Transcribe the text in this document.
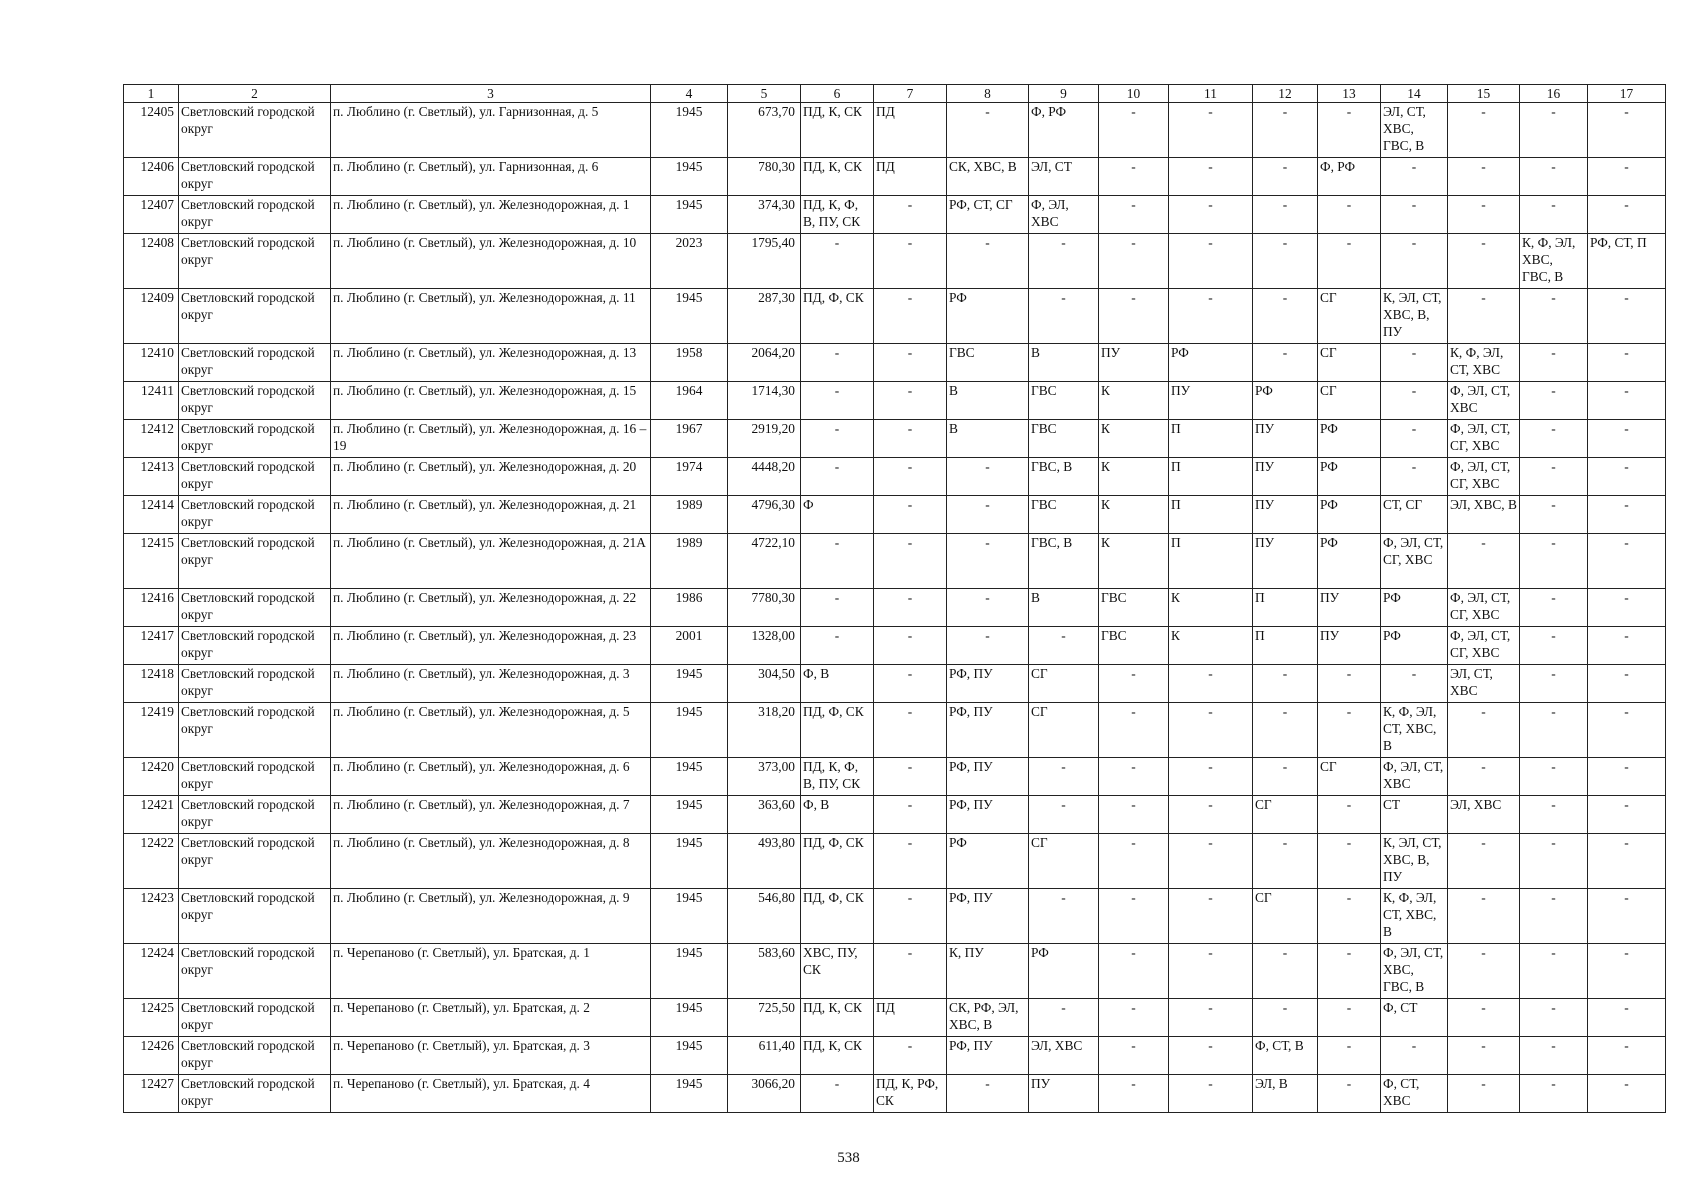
1	2	3	4	5	6	7	8	9	10	11	12	13	14	15	16	17
12405	Светловский городской округ	п. Люблино (г. Светлый), ул. Гарнизонная, д. 5	1945	673,70	ПД, К, СК	ПД	-	Ф, РФ	-	-	-	-	ЭЛ, СТ, ХВС, ГВС, В	-	-	-
12406	Светловский городской округ	п. Люблино (г. Светлый), ул. Гарнизонная, д. 6	1945	780,30	ПД, К, СК	ПД	СК, ХВС, В	ЭЛ, СТ	-	-	-	Ф, РФ	-	-	-	-
12407	Светловский городской округ	п. Люблино (г. Светлый), ул. Железнодорожная, д. 1	1945	374,30	ПД, К, Ф, В, ПУ, СК	-	РФ, СТ, СГ	Ф, ЭЛ, ХВС	-	-	-	-	-	-	-	-
12408	Светловский городской округ	п. Люблино (г. Светлый), ул. Железнодорожная, д. 10	2023	1795,40	-	-	-	-	-	-	-	-	-	-	К, Ф, ЭЛ, ХВС, ГВС, В	РФ, СТ, П
12409	Светловский городской округ	п. Люблино (г. Светлый), ул. Железнодорожная, д. 11	1945	287,30	ПД, Ф, СК	-	РФ	-	-	-	-	СГ	К, ЭЛ, СТ, ХВС, В, ПУ	-	-	-
12410	Светловский городской округ	п. Люблино (г. Светлый), ул. Железнодорожная, д. 13	1958	2064,20	-	-	ГВС	В	ПУ	РФ	-	СГ	-	К, Ф, ЭЛ, СТ, ХВС	-	-
12411	Светловский городской округ	п. Люблино (г. Светлый), ул. Железнодорожная, д. 15	1964	1714,30	-	-	В	ГВС	К	ПУ	РФ	СГ	-	Ф, ЭЛ, СТ, ХВС	-	-
12412	Светловский городской округ	п. Люблино (г. Светлый), ул. Железнодорожная, д. 16 – 19	1967	2919,20	-	-	В	ГВС	К	П	ПУ	РФ	-	Ф, ЭЛ, СТ, СГ, ХВС	-	-
12413	Светловский городской округ	п. Люблино (г. Светлый), ул. Железнодорожная, д. 20	1974	4448,20	-	-	-	ГВС, В	К	П	ПУ	РФ	-	Ф, ЭЛ, СТ, СГ, ХВС	-	-
12414	Светловский городской округ	п. Люблино (г. Светлый), ул. Железнодорожная, д. 21	1989	4796,30	Ф	-	-	ГВС	К	П	ПУ	РФ	СТ, СГ	ЭЛ, ХВС, В	-	-
12415	Светловский городской округ	п. Люблино (г. Светлый), ул. Железнодорожная, д. 21А	1989	4722,10	-	-	-	ГВС, В	К	П	ПУ	РФ	Ф, ЭЛ, СТ, СГ, ХВС	-	-	-
12416	Светловский городской округ	п. Люблино (г. Светлый), ул. Железнодорожная, д. 22	1986	7780,30	-	-	-	В	ГВС	К	П	ПУ	РФ	Ф, ЭЛ, СТ, СГ, ХВС	-	-
12417	Светловский городской округ	п. Люблино (г. Светлый), ул. Железнодорожная, д. 23	2001	1328,00	-	-	-	-	ГВС	К	П	ПУ	РФ	Ф, ЭЛ, СТ, СГ, ХВС	-	-
12418	Светловский городской округ	п. Люблино (г. Светлый), ул. Железнодорожная, д. 3	1945	304,50	Ф, В	-	РФ, ПУ	СГ	-	-	-	-	-	ЭЛ, СТ, ХВС	-	-
12419	Светловский городской округ	п. Люблино (г. Светлый), ул. Железнодорожная, д. 5	1945	318,20	ПД, Ф, СК	-	РФ, ПУ	СГ	-	-	-	-	К, Ф, ЭЛ, СТ, ХВС, В	-	-	-
12420	Светловский городской округ	п. Люблино (г. Светлый), ул. Железнодорожная, д. 6	1945	373,00	ПД, К, Ф, В, ПУ, СК	-	РФ, ПУ	-	-	-	-	СГ	Ф, ЭЛ, СТ, ХВС	-	-	-
12421	Светловский городской округ	п. Люблино (г. Светлый), ул. Железнодорожная, д. 7	1945	363,60	Ф, В	-	РФ, ПУ	-	-	-	СГ	-	СТ	ЭЛ, ХВС	-	-
12422	Светловский городской округ	п. Люблино (г. Светлый), ул. Железнодорожная, д. 8	1945	493,80	ПД, Ф, СК	-	РФ	СГ	-	-	-	-	К, ЭЛ, СТ, ХВС, В, ПУ	-	-	-
12423	Светловский городской округ	п. Люблино (г. Светлый), ул. Железнодорожная, д. 9	1945	546,80	ПД, Ф, СК	-	РФ, ПУ	-	-	-	СГ	-	К, Ф, ЭЛ, СТ, ХВС, В	-	-	-
12424	Светловский городской округ	п. Черепаново (г. Светлый), ул. Братская, д. 1	1945	583,60	ХВС, ПУ, СК	-	К, ПУ	РФ	-	-	-	-	Ф, ЭЛ, СТ, ХВС, ГВС, В	-	-	-
12425	Светловский городской округ	п. Черепаново (г. Светлый), ул. Братская, д. 2	1945	725,50	ПД, К, СК	ПД	СК, РФ, ЭЛ, ХВС, В	-	-	-	-	-	Ф, СТ	-	-	-
12426	Светловский городской округ	п. Черепаново (г. Светлый), ул. Братская, д. 3	1945	611,40	ПД, К, СК	-	РФ, ПУ	ЭЛ, ХВС	-	-	Ф, СТ, В	-	-	-	-	-
12427	Светловский городской округ	п. Черепаново (г. Светлый), ул. Братская, д. 4	1945	3066,20	-	ПД, К, РФ, СК	-	ПУ	-	-	ЭЛ, В	-	Ф, СТ, ХВС	-	-	-
538
